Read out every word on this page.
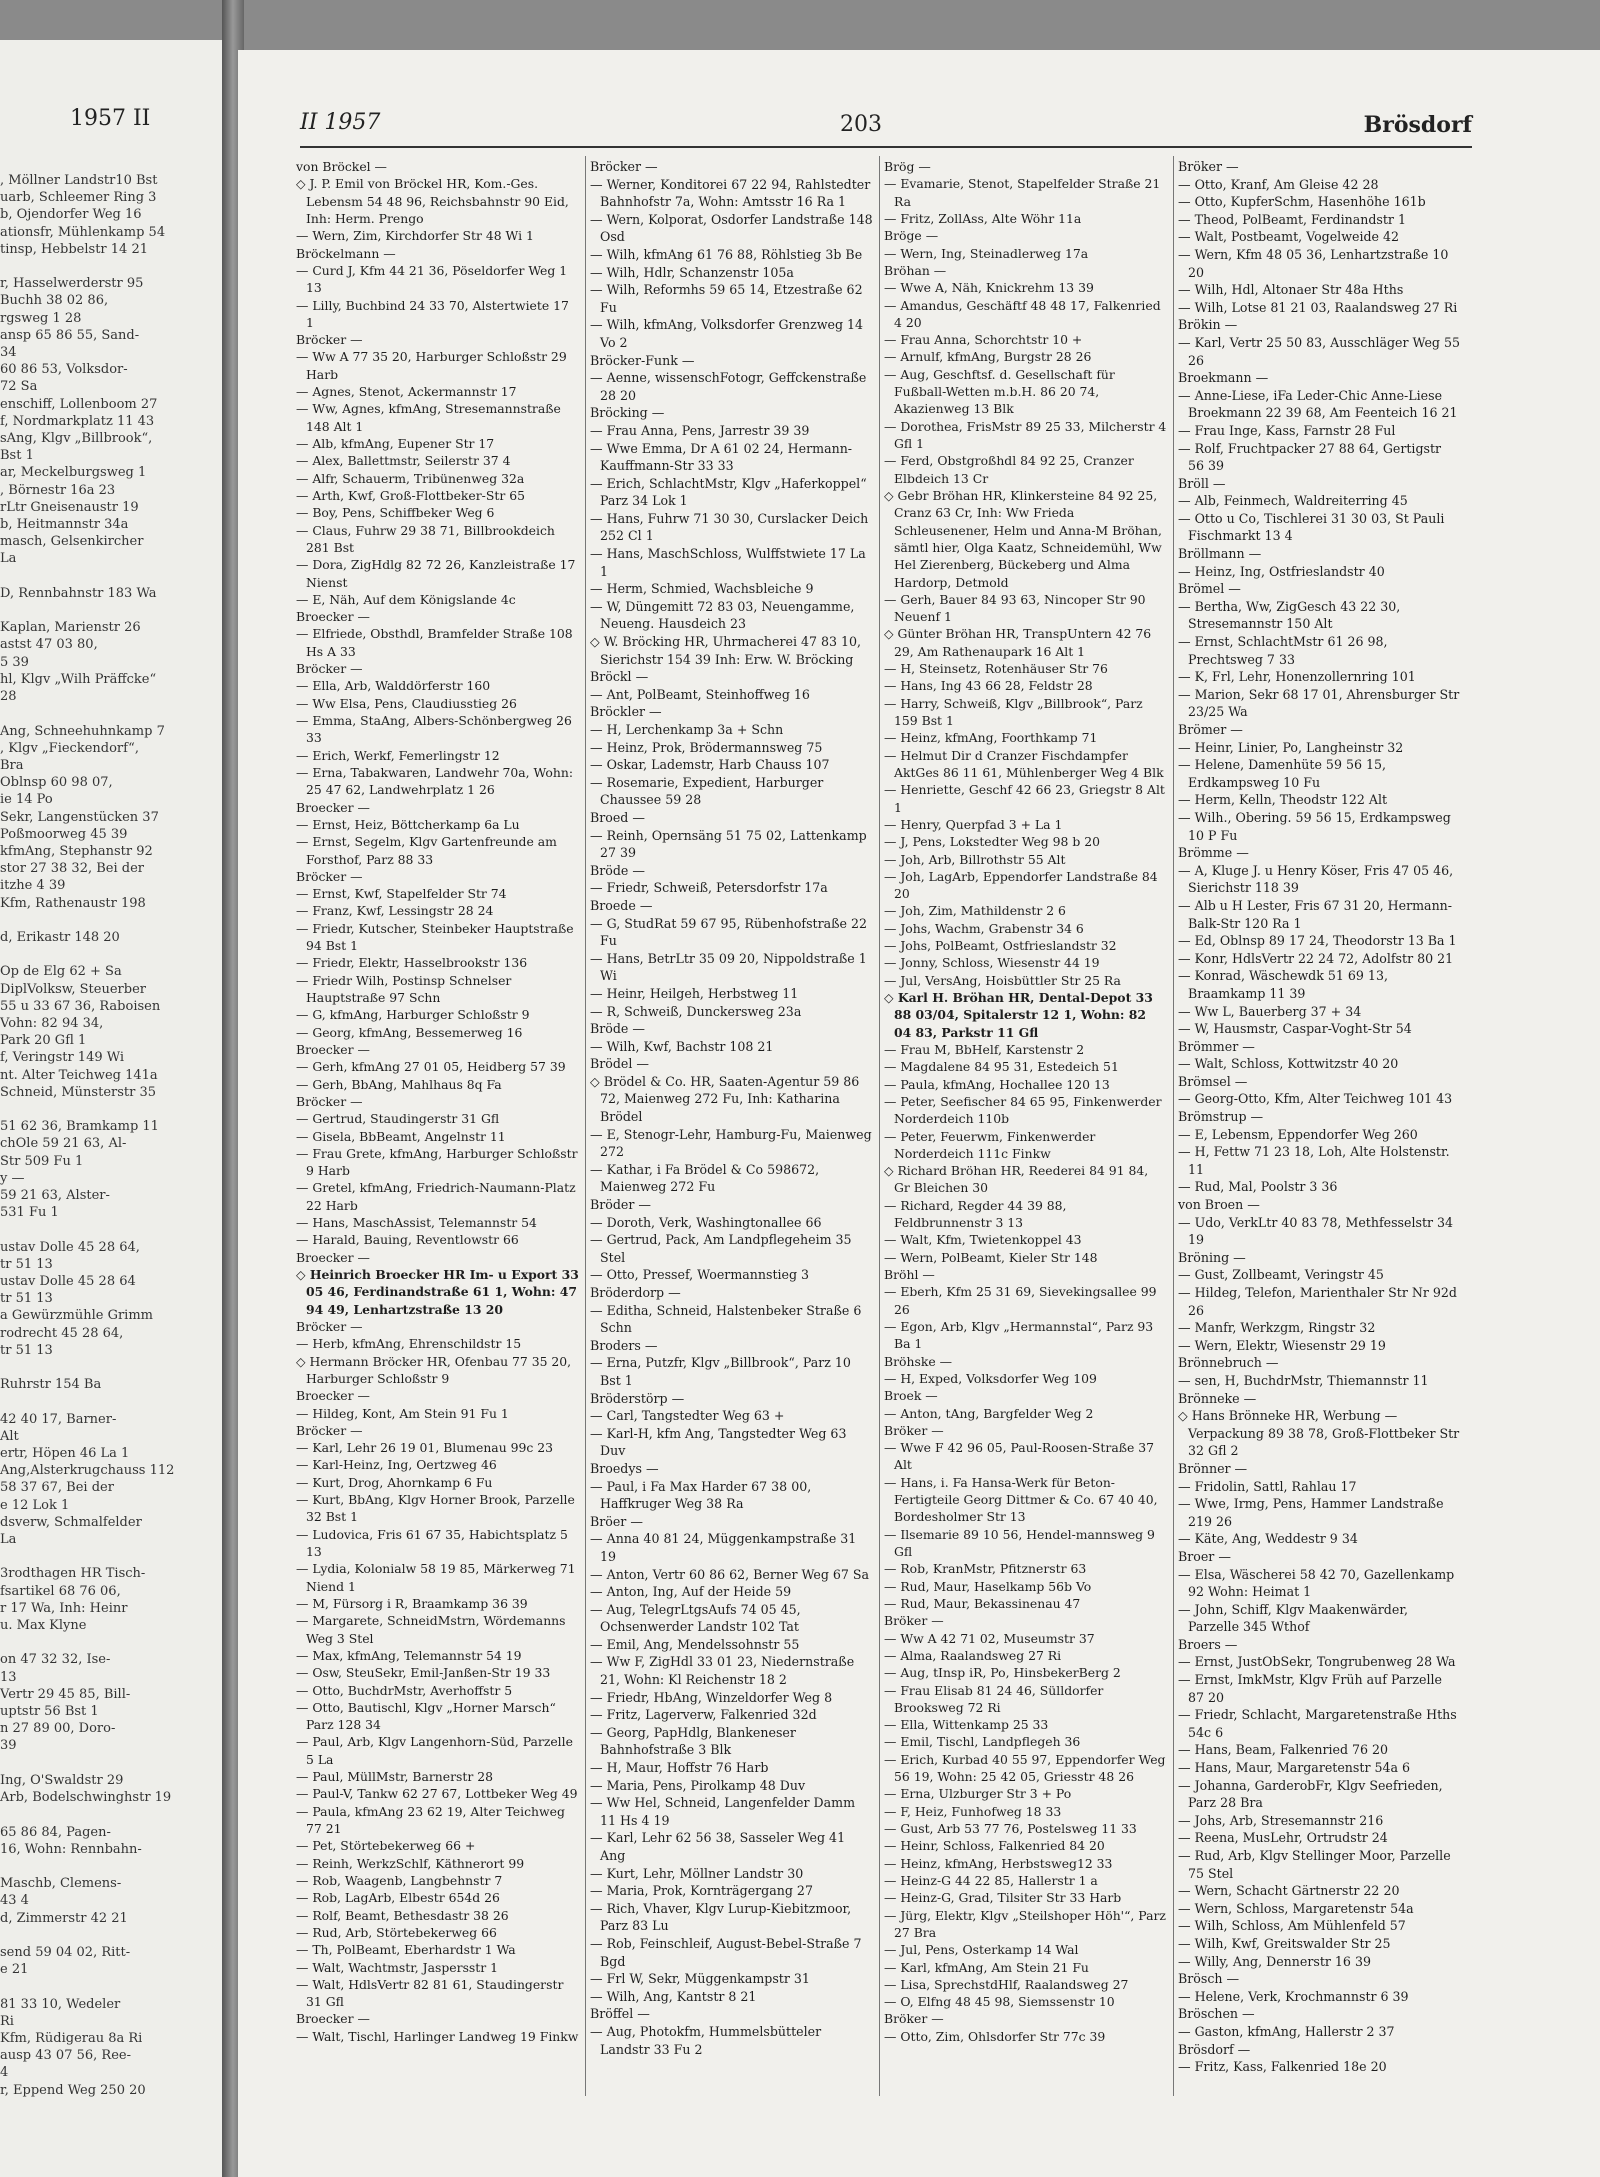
1957 II
, Möllner Landstr10 Bst
uarb, Schleemer Ring 3
b, Ojendorfer Weg 16
ationsfr, Mühlenkamp 54
tinsp, Hebbelstr 14 21

r, Hasselwerderstr 95
Buchh 38 02 86,
rgsweg 1 28
ansp 65 86 55, Sand-
34
60 86 53, Volksdor-
72 Sa
enschiff, Lollenboom 27
f, Nordmarkplatz 11 43
sAng, Klgv „Billbrook“,
Bst 1
ar, Meckelburgsweg 1
, Börnestr 16a 23
rLtr Gneisenaustr 19
b, Heitmannstr 34a
masch, Gelsenkircher
La

D, Rennbahnstr 183 Wa

Kaplan, Marienstr 26
astst 47 03 80,
5 39
hl, Klgv „Wilh Präffcke“
28

Ang, Schneehuhnkamp 7
, Klgv „Fieckendorf“,
Bra
Oblnsp 60 98 07,
ie 14 Po
Sekr, Langenstücken 37
Poßmoorweg 45 39
kfmAng, Stephanstr 92
stor 27 38 32, Bei der
itzhe 4 39
Kfm, Rathenaustr 198

d, Erikastr 148 20

Op de Elg 62 + Sa
DiplVolksw, Steuerber
55 u 33 67 36, Raboisen
Vohn: 82 94 34,
Park 20 Gfl 1
f, Veringstr 149 Wi
nt. Alter Teichweg 141a
Schneid, Münsterstr 35

51 62 36, Bramkamp 11
chOle 59 21 63, Al-
Str 509 Fu 1
y —
59 21 63, Alster-
531 Fu 1

ustav Dolle 45 28 64,
tr 51 13
ustav Dolle 45 28 64
tr 51 13
a Gewürzmühle Grimm
rodrecht 45 28 64,
tr 51 13

Ruhrstr 154 Ba

42 40 17, Barner-
Alt
ertr, Höpen 46 La 1
Ang,Alsterkrugchauss 112
58 37 67, Bei der
e 12 Lok 1
dsverw, Schmalfelder
La

3rodthagen HR Tisch-
fsartikel 68 76 06,
r 17 Wa, Inh: Heinr
u. Max Klyne

on 47 32 32, Ise-
13
Vertr 29 45 85, Bill-
uptstr 56 Bst 1
n 27 89 00, Doro-
39

Ing, O'Swaldstr 29
Arb, Bodelschwinghstr 19

65 86 84, Pagen-
16, Wohn: Rennbahn-

Maschb, Clemens-
43 4
d, Zimmerstr 42 21

send 59 04 02, Ritt-
e 21

81 33 10, Wedeler
Ri
Kfm, Rüdigerau 8a Ri
ausp 43 07 56, Ree-
4
r, Eppend Weg 250 20
II 1957	203	Brösdorf
von Bröckel —
◇ J. P. Emil von Bröckel HR, Kom.-Ges. Lebensm 54 48 96, Reichsbahnstr 90 Eid, Inh: Herm. Prengo
— Wern, Zim, Kirchdorfer Str 48 Wi 1
Bröckelmann —
— Curd J, Kfm 44 21 36, Pöseldorfer Weg 1 13
— Lilly, Buchbind 24 33 70, Alstertwiete 17 1
Bröcker —
— Ww A 77 35 20, Harburger Schloßstr 29 Harb
— Agnes, Stenot, Ackermannstr 17
— Ww, Agnes, kfmAng, Stresemannstraße 148 Alt 1
— Alb, kfmAng, Eupener Str 17
— Alex, Ballettmstr, Seilerstr 37 4
— Alfr, Schauerm, Tribünenweg 32a
— Arth, Kwf, Groß-Flottbeker-Str 65
— Boy, Pens, Schiffbeker Weg 6
— Claus, Fuhrw 29 38 71, Billbrookdeich 281 Bst
— Dora, ZigHdlg 82 72 26, Kanzleistraße 17 Nienst
— E, Näh, Auf dem Königslande 4c
Broecker —
— Elfriede, Obsthdl, Bramfelder Straße 108 Hs A 33
Bröcker —
— Ella, Arb, Walddörferstr 160
— Ww Elsa, Pens, Claudiusstieg 26
— Emma, StaAng, Albers-Schönbergweg 26 33
— Erich, Werkf, Femerlingstr 12
— Erna, Tabakwaren, Landwehr 70a, Wohn: 25 47 62, Landwehrplatz 1 26
Broecker —
— Ernst, Heiz, Böttcherkamp 6a Lu
— Ernst, Segelm, Klgv Gartenfreunde am Forsthof, Parz 88 33
Bröcker —
— Ernst, Kwf, Stapelfelder Str 74
— Franz, Kwf, Lessingstr 28 24
— Friedr, Kutscher, Steinbeker Hauptstraße 94 Bst 1
— Friedr, Elektr, Hasselbrookstr 136
— Friedr Wilh, Postinsp Schnelser Hauptstraße 97 Schn
— G, kfmAng, Harburger Schloßstr 9
— Georg, kfmAng, Bessemerweg 16
Broecker —
— Gerh, kfmAng 27 01 05, Heidberg 57 39
— Gerh, BbAng, Mahlhaus 8q Fa
Bröcker —
— Gertrud, Staudingerstr 31 Gfl
— Gisela, BbBeamt, Angelnstr 11
— Frau Grete, kfmAng, Harburger Schloßstr 9 Harb
— Gretel, kfmAng, Friedrich-Naumann-Platz 22 Harb
— Hans, MaschAssist, Telemannstr 54
— Harald, Bauing, Reventlowstr 66
Broecker —
◇ Heinrich Broecker HR Im- u Export 33 05 46, Ferdinandstraße 61 1, Wohn: 47 94 49, Lenhartzstraße 13 20
Bröcker —
— Herb, kfmAng, Ehrenschildstr 15
◇ Hermann Bröcker HR, Ofenbau 77 35 20, Harburger Schloßstr 9
Broecker —
— Hildeg, Kont, Am Stein 91 Fu 1
Bröcker —
— Karl, Lehr 26 19 01, Blumenau 99c 23
— Karl-Heinz, Ing, Oertzweg 46
— Kurt, Drog, Ahornkamp 6 Fu
— Kurt, BbAng, Klgv Horner Brook, Parzelle 32 Bst 1
— Ludovica, Fris 61 67 35, Habichtsplatz 5 13
— Lydia, Kolonialw 58 19 85, Märkerweg 71 Niend 1
— M, Fürsorg i R, Braamkamp 36 39
— Margarete, SchneidMstrn, Wördemanns Weg 3 Stel
— Max, kfmAng, Telemannstr 54 19
— Osw, SteuSekr, Emil-Janßen-Str 19 33
— Otto, BuchdrMstr, Averhoffstr 5
— Otto, Bautischl, Klgv „Horner Marsch“ Parz 128 34
— Paul, Arb, Klgv Langenhorn-Süd, Parzelle 5 La
— Paul, MüllMstr, Barnerstr 28
— Paul-V, Tankw 62 27 67, Lottbeker Weg 49
— Paula, kfmAng 23 62 19, Alter Teichweg 77 21
— Pet, Störtebekerweg 66 +
— Reinh, WerkzSchlf, Käthnerort 99
— Rob, Waagenb, Langbehnstr 7
— Rob, LagArb, Elbestr 654d 26
— Rolf, Beamt, Bethesdastr 38 26
— Rud, Arb, Störtebekerweg 66
— Th, PolBeamt, Eberhardstr 1 Wa
— Walt, Wachtmstr, Jaspersstr 1
— Walt, HdlsVertr 82 81 61, Staudingerstr 31 Gfl
Broecker —
— Walt, Tischl, Harlinger Landweg 19 Finkw
Bröcker —
— Werner, Konditorei 67 22 94, Rahlstedter Bahnhofstr 7a, Wohn: Amtsstr 16 Ra 1
— Wern, Kolporat, Osdorfer Landstraße 148 Osd
— Wilh, kfmAng 61 76 88, Röhlstieg 3b Be
— Wilh, Hdlr, Schanzenstr 105a
— Wilh, Reformhs 59 65 14, Etzestraße 62 Fu
— Wilh, kfmAng, Volksdorfer Grenzweg 14 Vo 2
Bröcker-Funk —
— Aenne, wissenschFotogr, Geffckenstraße 28 20
Bröcking —
— Frau Anna, Pens, Jarrestr 39 39
— Wwe Emma, Dr A 61 02 24, Hermann-Kauffmann-Str 33 33
— Erich, SchlachtMstr, Klgv „Haferkoppel“ Parz 34 Lok 1
— Hans, Fuhrw 71 30 30, Curslacker Deich 252 Cl 1
— Hans, MaschSchloss, Wulffstwiete 17 La 1
— Herm, Schmied, Wachsbleiche 9
— W, Düngemitt 72 83 03, Neuengamme, Neueng. Hausdeich 23
◇ W. Bröcking HR, Uhrmacherei 47 83 10, Sierichstr 154 39 Inh: Erw. W. Bröcking
Bröckl —
— Ant, PolBeamt, Steinhoffweg 16
Bröckler —
— H, Lerchenkamp 3a + Schn
— Heinz, Prok, Brödermannsweg 75
— Oskar, Lademstr, Harb Chauss 107
— Rosemarie, Expedient, Harburger Chaussee 59 28
Broed —
— Reinh, Opernsäng 51 75 02, Lattenkamp 27 39
Bröde —
— Friedr, Schweiß, Petersdorfstr 17a
Broede —
— G, StudRat 59 67 95, Rübenhofstraße 22 Fu
— Hans, BetrLtr 35 09 20, Nippoldstraße 1 Wi
— Heinr, Heilgeh, Herbstweg 11
— R, Schweiß, Dunckersweg 23a
Bröde —
— Wilh, Kwf, Bachstr 108 21
Brödel —
◇ Brödel & Co. HR, Saaten-Agentur 59 86 72, Maienweg 272 Fu, Inh: Katharina Brödel
— E, Stenogr-Lehr, Hamburg-Fu, Maienweg 272
— Kathar, i Fa Brödel & Co 598672, Maienweg 272 Fu
Bröder —
— Doroth, Verk, Washingtonallee 66
— Gertrud, Pack, Am Landpflegeheim 35 Stel
— Otto, Pressef, Woermannstieg 3
Bröderdorp —
— Editha, Schneid, Halstenbeker Straße 6 Schn
Broders —
— Erna, Putzfr, Klgv „Billbrook“, Parz 10 Bst 1
Bröderstörp —
— Carl, Tangstedter Weg 63 +
— Karl-H, kfm Ang, Tangstedter Weg 63 Duv
Broedys —
— Paul, i Fa Max Harder 67 38 00, Haffkruger Weg 38 Ra
Bröer —
— Anna 40 81 24, Müggenkampstraße 31 19
— Anton, Vertr 60 86 62, Berner Weg 67 Sa
— Anton, Ing, Auf der Heide 59
— Aug, TelegrLtgsAufs 74 05 45, Ochsenwerder Landstr 102 Tat
— Emil, Ang, Mendelssohnstr 55
— Ww F, ZigHdl 33 01 23, Niedernstraße 21, Wohn: Kl Reichenstr 18 2
— Friedr, HbAng, Winzeldorfer Weg 8
— Fritz, Lagerverw, Falkenried 32d
— Georg, PapHdlg, Blankeneser Bahnhofstraße 3 Blk
— H, Maur, Hoffstr 76 Harb
— Maria, Pens, Pirolkamp 48 Duv
— Ww Hel, Schneid, Langenfelder Damm 11 Hs 4 19
— Karl, Lehr 62 56 38, Sasseler Weg 41 Ang
— Kurt, Lehr, Möllner Landstr 30
— Maria, Prok, Kornträgergang 27
— Rich, Vhaver, Klgv Lurup-Kiebitzmoor, Parz 83 Lu
— Rob, Feinschleif, August-Bebel-Straße 7 Bgd
— Frl W, Sekr, Müggenkampstr 31
— Wilh, Ang, Kantstr 8 21
Bröffel —
— Aug, Photokfm, Hummelsbütteler Landstr 33 Fu 2
Brög —
— Evamarie, Stenot, Stapelfelder Straße 21 Ra
— Fritz, ZollAss, Alte Wöhr 11a
Bröge —
— Wern, Ing, Steinadlerweg 17a
Bröhan —
— Wwe A, Näh, Knickrehm 13 39
— Amandus, Geschäftf 48 48 17, Falkenried 4 20
— Frau Anna, Schorchtstr 10 +
— Arnulf, kfmAng, Burgstr 28 26
— Aug, Geschftsf. d. Gesellschaft für Fußball-Wetten m.b.H. 86 20 74, Akazienweg 13 Blk
— Dorothea, FrisMstr 89 25 33, Milcherstr 4 Gfl 1
— Ferd, Obstgroßhdl 84 92 25, Cranzer Elbdeich 13 Cr
◇ Gebr Bröhan HR, Klinkersteine 84 92 25, Cranz 63 Cr, Inh: Ww Frieda Schleusenener, Helm und Anna-M Bröhan, sämtl hier, Olga Kaatz, Schneidemühl, Ww Hel Zierenberg, Bückeberg und Alma Hardorp, Detmold
— Gerh, Bauer 84 93 63, Nincoper Str 90 Neuenf 1
◇ Günter Bröhan HR, TranspUntern 42 76 29, Am Rathenaupark 16 Alt 1
— H, Steinsetz, Rotenhäuser Str 76
— Hans, Ing 43 66 28, Feldstr 28
— Harry, Schweiß, Klgv „Billbrook“, Parz 159 Bst 1
— Heinz, kfmAng, Foorthkamp 71
— Helmut Dir d Cranzer Fischdampfer AktGes 86 11 61, Mühlenberger Weg 4 Blk
— Henriette, Geschf 42 66 23, Griegstr 8 Alt 1
— Henry, Querpfad 3 + La 1
— J, Pens, Lokstedter Weg 98 b 20
— Joh, Arb, Billrothstr 55 Alt
— Joh, LagArb, Eppendorfer Landstraße 84 20
— Joh, Zim, Mathildenstr 2 6
— Johs, Wachm, Grabenstr 34 6
— Johs, PolBeamt, Ostfrieslandstr 32
— Jonny, Schloss, Wiesenstr 44 19
— Jul, VersAng, Hoisbüttler Str 25 Ra
◇ Karl H. Bröhan HR, Dental-Depot 33 88 03/04, Spitalerstr 12 1, Wohn: 82 04 83, Parkstr 11 Gfl
— Frau M, BbHelf, Karstenstr 2
— Magdalene 84 95 31, Estedeich 51
— Paula, kfmAng, Hochallee 120 13
— Peter, Seefischer 84 65 95, Finkenwerder Norderdeich 110b
— Peter, Feuerwm, Finkenwerder Norderdeich 111c Finkw
◇ Richard Bröhan HR, Reederei 84 91 84, Gr Bleichen 30
— Richard, Regder 44 39 88, Feldbrunnenstr 3 13
— Walt, Kfm, Twietenkoppel 43
— Wern, PolBeamt, Kieler Str 148
Bröhl —
— Eberh, Kfm 25 31 69, Sievekingsallee 99 26
— Egon, Arb, Klgv „Hermannstal“, Parz 93 Ba 1
Bröhske —
— H, Exped, Volksdorfer Weg 109
Broek —
— Anton, tAng, Bargfelder Weg 2
Bröker —
— Wwe F 42 96 05, Paul-Roosen-Straße 37 Alt
— Hans, i. Fa Hansa-Werk für Beton-Fertigteile Georg Dittmer & Co. 67 40 40, Bordesholmer Str 13
— Ilsemarie 89 10 56, Hendel-mannsweg 9 Gfl
— Rob, KranMstr, Pfitznerstr 63
— Rud, Maur, Haselkamp 56b Vo
— Rud, Maur, Bekassinenau 47
Bröker —
— Ww A 42 71 02, Museumstr 37
— Alma, Raalandsweg 27 Ri
— Aug, tInsp iR, Po, HinsbekerBerg 2
— Frau Elisab 81 24 46, Sülldorfer Brooksweg 72 Ri
— Ella, Wittenkamp 25 33
— Emil, Tischl, Landpflegeh 36
— Erich, Kurbad 40 55 97, Eppendorfer Weg 56 19, Wohn: 25 42 05, Griesstr 48 26
— Erna, Ulzburger Str 3 + Po
— F, Heiz, Funhofweg 18 33
— Gust, Arb 53 77 76, Postelsweg 11 33
— Heinr, Schloss, Falkenried 84 20
— Heinz, kfmAng, Herbstsweg12 33
— Heinz-G 44 22 85, Hallerstr 1 a
— Heinz-G, Grad, Tilsiter Str 33 Harb
— Jürg, Elektr, Klgv „Steilshoper Höh'“, Parz 27 Bra
— Jul, Pens, Osterkamp 14 Wal
— Karl, kfmAng, Am Stein 21 Fu
— Lisa, SprechstdHlf, Raalandsweg 27
— O, Elfng 48 45 98, Siemssenstr 10
Bröker —
— Otto, Zim, Ohlsdorfer Str 77c 39
Bröker —
— Otto, Kranf, Am Gleise 42 28
— Otto, KupferSchm, Hasenhöhe 161b
— Theod, PolBeamt, Ferdinandstr 1
— Walt, Postbeamt, Vogelweide 42
— Wern, Kfm 48 05 36, Lenhartzstraße 10 20
— Wilh, Hdl, Altonaer Str 48a Hths
— Wilh, Lotse 81 21 03, Raalandsweg 27 Ri
Brökin —
— Karl, Vertr 25 50 83, Ausschläger Weg 55 26
Broekmann —
— Anne-Liese, iFa Leder-Chic Anne-Liese Broekmann 22 39 68, Am Feenteich 16 21
— Frau Inge, Kass, Farnstr 28 Ful
— Rolf, Fruchtpacker 27 88 64, Gertigstr 56 39
Bröll —
— Alb, Feinmech, Waldreiterring 45
— Otto u Co, Tischlerei 31 30 03, St Pauli Fischmarkt 13 4
Bröllmann —
— Heinz, Ing, Ostfrieslandstr 40
Brömel —
— Bertha, Ww, ZigGesch 43 22 30, Stresemannstr 150 Alt
— Ernst, SchlachtMstr 61 26 98, Prechtsweg 7 33
— K, Frl, Lehr, Honenzollernring 101
— Marion, Sekr 68 17 01, Ahrensburger Str 23/25 Wa
Brömer —
— Heinr, Linier, Po, Langheinstr 32
— Helene, Damenhüte 59 56 15, Erdkampsweg 10 Fu
— Herm, Kelln, Theodstr 122 Alt
— Wilh., Obering. 59 56 15, Erdkampsweg 10 P Fu
Brömme —
— A, Kluge J. u Henry Köser, Fris 47 05 46, Sierichstr 118 39
— Alb u H Lester, Fris 67 31 20, Hermann-Balk-Str 120 Ra 1
— Ed, Oblnsp 89 17 24, Theodorstr 13 Ba 1
— Konr, HdlsVertr 22 24 72, Adolfstr 80 21
— Konrad, Wäschewdk 51 69 13, Braamkamp 11 39
— Ww L, Bauerberg 37 + 34
— W, Hausmstr, Caspar-Voght-Str 54
Brömmer —
— Walt, Schloss, Kottwitzstr 40 20
Brömsel —
— Georg-Otto, Kfm, Alter Teichweg 101 43
Brömstrup —
— E, Lebensm, Eppendorfer Weg 260
— H, Fettw 71 23 18, Loh, Alte Holstenstr. 11
— Rud, Mal, Poolstr 3 36
von Broen —
— Udo, VerkLtr 40 83 78, Methfesselstr 34 19
Bröning —
— Gust, Zollbeamt, Veringstr 45
— Hildeg, Telefon, Marienthaler Str Nr 92d 26
— Manfr, Werkzgm, Ringstr 32
— Wern, Elektr, Wiesenstr 29 19
Brönnebruch —
— sen, H, BuchdrMstr, Thiemannstr 11
Brönneke —
◇ Hans Brönneke HR, Werbung — Verpackung 89 38 78, Groß-Flottbeker Str 32 Gfl 2
Brönner —
— Fridolin, Sattl, Rahlau 17
— Wwe, Irmg, Pens, Hammer Landstraße 219 26
— Käte, Ang, Weddestr 9 34
Broer —
— Elsa, Wäscherei 58 42 70, Gazellenkamp 92 Wohn: Heimat 1
— John, Schiff, Klgv Maakenwärder, Parzelle 345 Wthof
Broers —
— Ernst, JustObSekr, Tongrubenweg 28 Wa
— Ernst, ImkMstr, Klgv Früh auf Parzelle 87 20
— Friedr, Schlacht, Margaretenstraße Hths 54c 6
— Hans, Beam, Falkenried 76 20
— Hans, Maur, Margaretenstr 54a 6
— Johanna, GarderobFr, Klgv Seefrieden, Parz 28 Bra
— Johs, Arb, Stresemannstr 216
— Reena, MusLehr, Ortrudstr 24
— Rud, Arb, Klgv Stellinger Moor, Parzelle 75 Stel
— Wern, Schacht Gärtnerstr 22 20
— Wern, Schloss, Margaretenstr 54a
— Wilh, Schloss, Am Mühlenfeld 57
— Wilh, Kwf, Greitswalder Str 25
— Willy, Ang, Dennerstr 16 39
Brösch —
— Helene, Verk, Krochmannstr 6 39
Bröschen —
— Gaston, kfmAng, Hallerstr 2 37
Brösdorf —
— Fritz, Kass, Falkenried 18e 20
